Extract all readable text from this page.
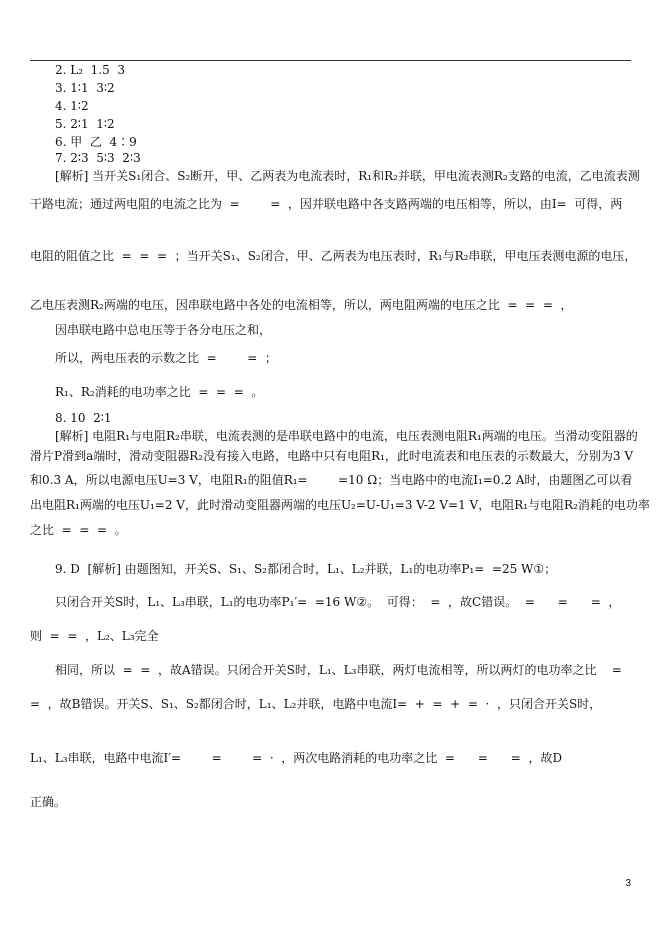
2. L₂  1.5  3
3. 1∶1  3∶2
4. 1∶2
5. 2∶1  1∶2
6. 甲  乙  4∶9
7. 2∶3  5∶3  2∶3
[解析] 当开关S₁闭合、S₂断开，甲、乙两表为电流表时，R₁和R₂并联，甲电流表测R₂支路的电流，乙电流表测
干路电流；通过两电阻的电流之比为  =        =  ，因并联电路中各支路两端的电压相等，所以，由I=  可得，两
电阻的阻值之比  =  =  =  ；当开关S₁、S₂闭合，甲、乙两表为电压表时，R₁与R₂串联，甲电压表测电源的电压，
乙电压表测R₂两端的电压，因串联电路中各处的电流相等，所以，两电阻两端的电压之比  =  =  =  ，
因串联电路中总电压等于各分电压之和，
所以，两电压表的示数之比  =        =  ；
R₁、R₂消耗的电功率之比  =  =  =  。
8. 10  2∶1
[解析] 电阻R₁与电阻R₂串联，电流表测的是串联电路中的电流，电压表测电阻R₁两端的电压。当滑动变阻器的
滑片P滑到a端时，滑动变阻器R₂没有接入电路，电路中只有电阻R₁，此时电流表和电压表的示数最大，分别为3 V
和0.3 A，所以电源电压U=3 V，电阻R₁的阻值R₁=        =10 Ω；当电路中的电流I₁=0.2 A时，由题图乙可以看
出电阻R₁两端的电压U₁=2 V，此时滑动变阻器两端的电压U₂=U-U₁=3 V-2 V=1 V，电阻R₁与电阻R₂消耗的电功率
之比  =  =  =  。
9. D  [解析] 由题图知，开关S、S₁、S₂都闭合时，L₁、L₂并联，L₁的电功率P₁=  =25 W①；
只闭合开关S时，L₁、L₃串联，L₁的电功率P₁′=  =16 W②。  可得：  =  ，故C错误。  =      =      =  ，
则  =  =  ，L₂、L₃完全
相同，所以  =  =  ，故A错误。只闭合开关S时，L₁、L₃串联，两灯电流相等，所以两灯的电功率之比    =
=  ，故B错误。开关S、S₁、S₂都闭合时，L₁、L₂并联，电路中电流I=  +  =  +  =  ·  ，只闭合开关S时，
L₁、L₃串联，电路中电流I′=        =        =  ·  ，两次电路消耗的电功率之比  =      =      =  ，故D
正确。
3
